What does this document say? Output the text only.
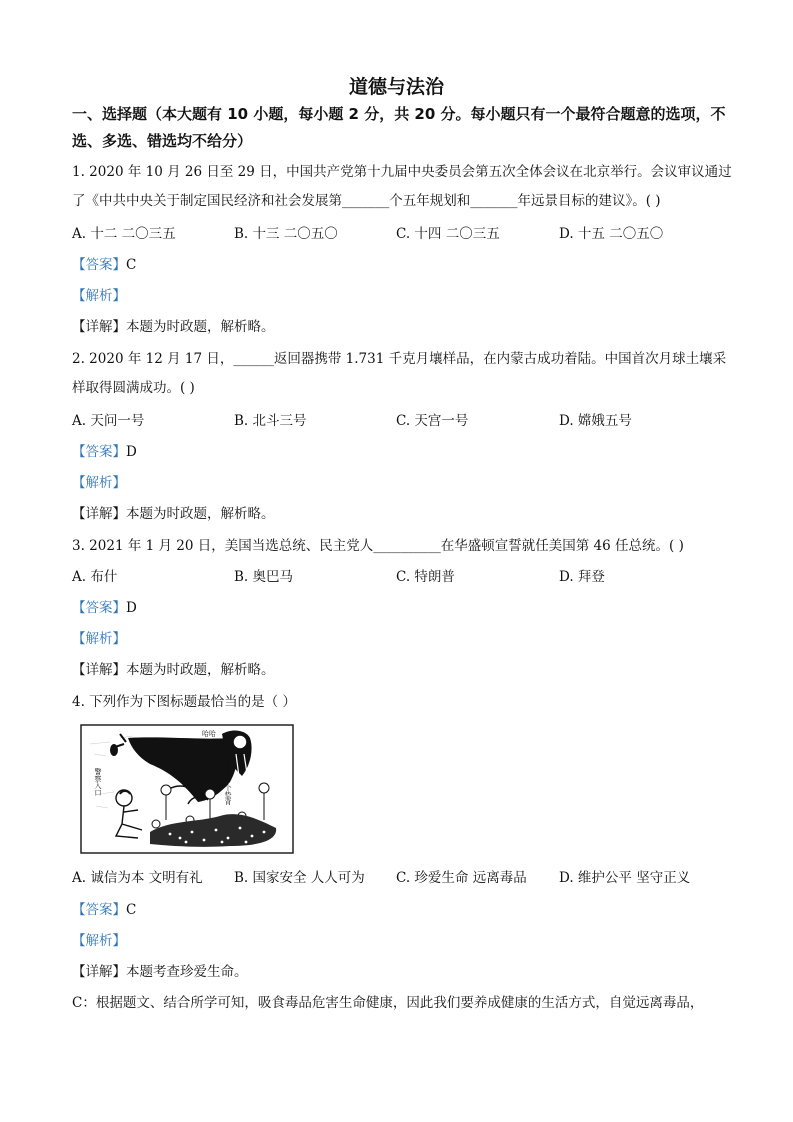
道德与法治
一、选择题（本大题有 10 小题，每小题 2 分，共 20 分。每小题只有一个最符合题意的选项，不选、多选、错选均不给分）
1. 2020 年 10 月 26 日至 29 日，中国共产党第十九届中央委员会第五次全体会议在北京举行。会议审议通过
了《中共中央关于制定国民经济和社会发展第_______个五年规划和_______年远景目标的建议》。( )
A. 十二 二〇三五	B. 十三 二〇五〇	C. 十四 二〇三五	D. 十五 二〇五〇
【答案】C
【解析】
【详解】本题为时政题，解析略。
2. 2020 年 12 月 17 日，______返回器携带 1.731 千克月壤样品，在内蒙古成功着陆。中国首次月球土壤采
样取得圆满成功。( )
A. 天问一号	B. 北斗三号	C. 天宫一号	D. 嫦娥五号
【答案】D
【解析】
【详解】本题为时政题，解析略。
3. 2021 年 1 月 20 日，美国当选总统、民主党人__________在华盛顿宣誓就任美国第 46 任总统。( )
A. 布什	B. 奥巴马	C. 特朗普	D. 拜登
【答案】D
【解析】
【详解】本题为时政题，解析略。
4. 下列作为下图标题最恰当的是（ ）
又拿了一个垫背
警察入口
哈哈
A. 诚信为本 文明有礼 B. 国家安全 人人可为 C. 珍爱生命 远离毒品 D. 维护公平 坚守正义
【答案】C
【解析】
【详解】本题考查珍爱生命。
C：根据题文、结合所学可知，吸食毒品危害生命健康，因此我们要养成健康的生活方式，自觉远离毒品，
